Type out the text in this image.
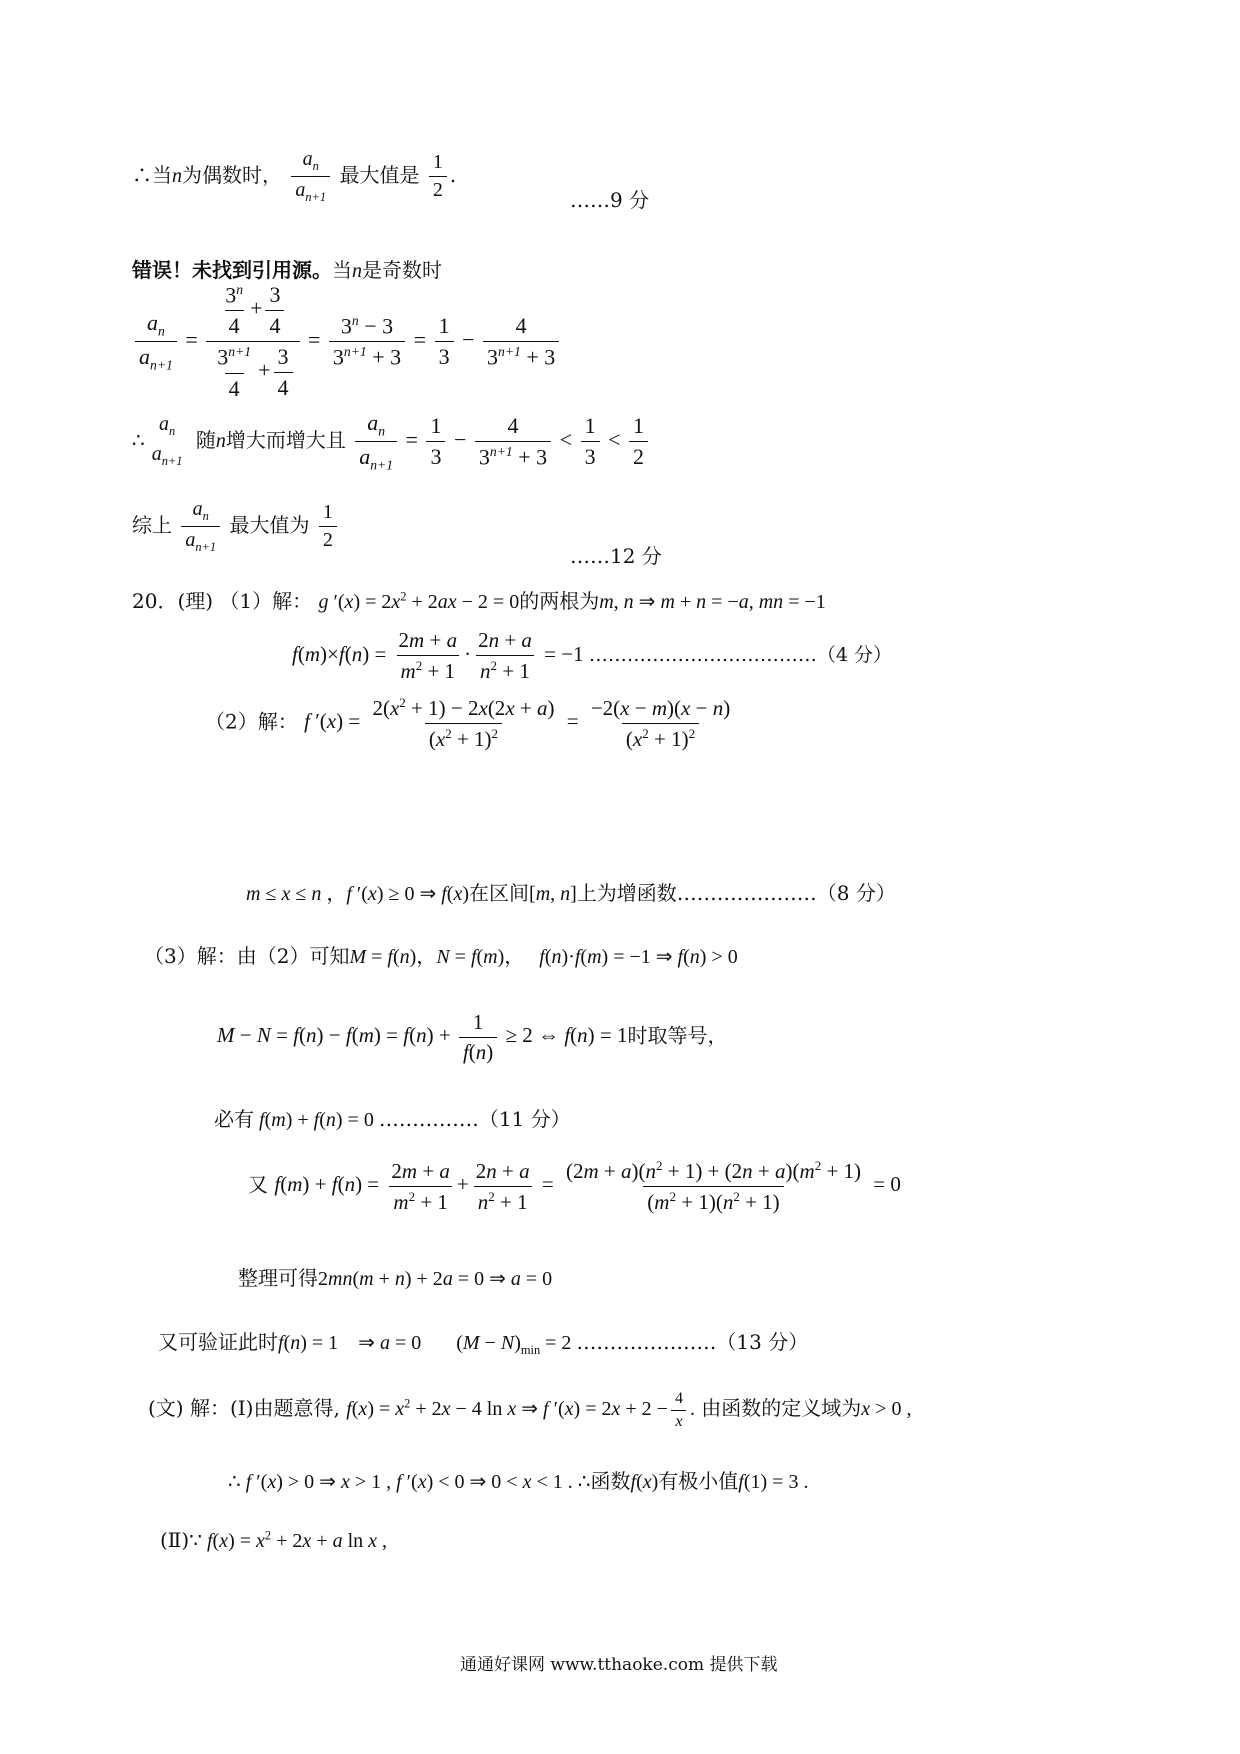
∴当n为偶数时， $\frac{a_n}{a_{n+1}}$ 最大值是 $\frac{1}{2}$ .
……9 分
错误！未找到引用源。当n是奇数时
$\frac{a_n}{a_{n+1}} = \frac{\frac{3^n}{4} + \frac{3}{4}}{\frac{3^{n+1}}{4} + \frac{3}{4}} = \frac{3^n - 3}{3^{n+1} + 3} = \frac{1}{3} - \frac{4}{3^{n+1} + 3}$
∴
$a_n$
$a_{n+1}$
随n增大而增大且 $\frac{a_n}{a_{n+1}} = \frac{1}{3} - \frac{4}{3^{n+1} + 3} < \frac{1}{3} < \frac{1}{2}$
综上 $\frac{a_n}{a_{n+1}}$ 最大值为 $\frac{1}{2}$
……12 分
20．(理) （1）解： g $'(x) = 2x^2 + 2ax - 2 = 0$的两根为m, n ⇒ m + n = −a, mn = −1
$f(m)\times f(n) = \frac{2m + a}{m^2 + 1} \cdot \frac{2n + a}{n^2 + 1} = -1$ ………………………………（4 分）
（2）解： f $'(x) = \frac{2(x^2 + 1) - 2x(2x + a)}{(x^2 + 1)^2} = \frac{-2(x - m)(x - n)}{(x^2 + 1)^2}$
m ≤ x ≤ n ，f ′(x) ≥ 0 ⇒ f(x)在区间[m, n]上为增函数…………………（8 分）
（3）解：由（2）可知M = f(n)，N = f(m)，   f(n)·f(m) = −1 ⇒ f(n) > 0
$M - N = f(n) - f(m) = f(n) + \frac{1}{f(n)} \ge 2$ ⇔ f(n) = 1时取等号，
必有 f(m) + f(n) = 0 ……………（11 分）
又 $f(m) + f(n) = \frac{2m + a}{m^2 + 1} + \frac{2n + a}{n^2 + 1} = \frac{(2m + a)(n^2 + 1) + (2n + a)(m^2 + 1)}{(m^2 + 1)(n^2 + 1)} = 0$
整理可得2mn(m + n) + 2a = 0 ⇒ a = 0
又可验证此时f(n) = 1    ⇒ a = 0       $(M - N)_{min} = 2$ …………………（13 分）
(文) 解：(Ⅰ)由题意得, $f(x) = x^2 + 2x - 4$ ln x ⇒ f $'(x) = 2x + 2 - \frac{4}{x}$ . 由函数的定义域为x > 0 ,
∴ f ′(x) > 0 ⇒ x > 1 , f ′(x) < 0 ⇒ 0 < x < 1 . ∴函数f(x)有极小值f(1) = 3 .
(Ⅱ)∵ $f(x) = x^2 + 2x + a$ ln x ,
通通好课网 www.tthaoke.com 提供下载
